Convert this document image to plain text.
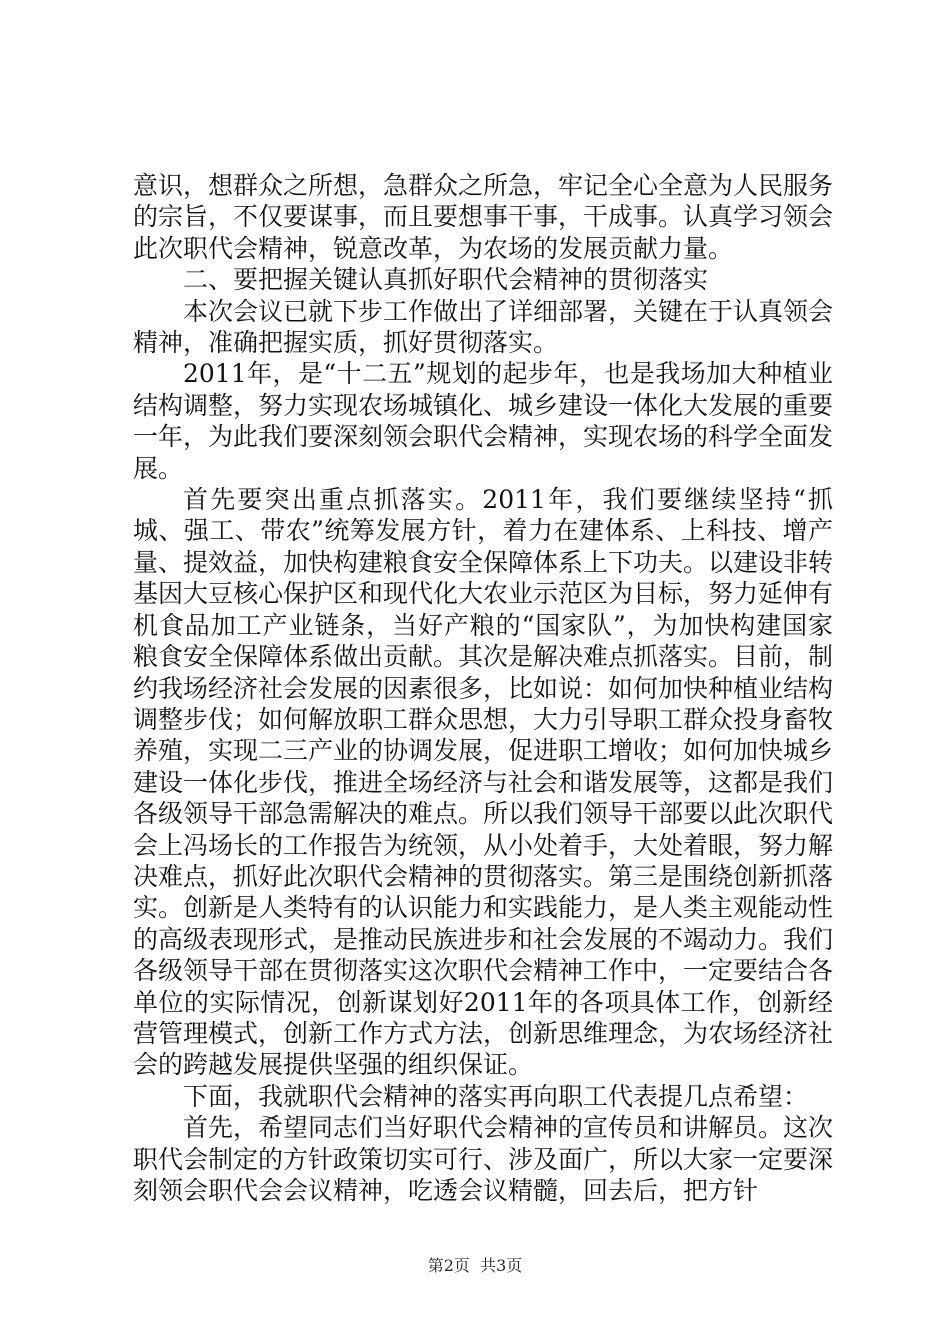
意识，想群众之所想，急群众之所急，牢记全心全意为人民服务的宗旨，不仅要谋事，而且要想事干事，干成事。认真学习领会此次职代会精神，锐意改革，为农场的发展贡献力量。

二、要把握关键认真抓好职代会精神的贯彻落实

本次会议已就下步工作做出了详细部署，关键在于认真领会精神，准确把握实质，抓好贯彻落实。

2011年，是“十二五”规划的起步年，也是我场加大种植业结构调整，努力实现农场城镇化、城乡建设一体化大发展的重要一年，为此我们要深刻领会职代会精神，实现农场的科学全面发展。

首先要突出重点抓落实。2011年，我们要继续坚持“抓城、强工、带农”统筹发展方针，着力在建体系、上科技、增产量、提效益，加快构建粮食安全保障体系上下功夫。以建设非转基因大豆核心保护区和现代化大农业示范区为目标，努力延伸有机食品加工产业链条，当好产粮的“国家队”，为加快构建国家粮食安全保障体系做出贡献。其次是解决难点抓落实。目前，制约我场经济社会发展的因素很多，比如说：如何加快种植业结构调整步伐；如何解放职工群众思想，大力引导职工群众投身畜牧养殖，实现二三产业的协调发展，促进职工增收；如何加快城乡建设一体化步伐，推进全场经济与社会和谐发展等，这都是我们各级领导干部急需解决的难点。所以我们领导干部要以此次职代会上冯场长的工作报告为统领，从小处着手，大处着眼，努力解决难点，抓好此次职代会精神的贯彻落实。第三是围绕创新抓落实。创新是人类特有的认识能力和实践能力，是人类主观能动性的高级表现形式，是推动民族进步和社会发展的不竭动力。我们各级领导干部在贯彻落实这次职代会精神工作中，一定要结合各单位的实际情况，创新谋划好2011年的各项具体工作，创新经营管理模式，创新工作方式方法，创新思维理念，为农场经济社会的跨越发展提供坚强的组织保证。

下面，我就职代会精神的落实再向职工代表提几点希望：

首先，希望同志们当好职代会精神的宣传员和讲解员。这次职代会制定的方针政策切实可行、涉及面广，所以大家一定要深刻领会职代会会议精神，吃透会议精髓，回去后，把方针

第2页  共3页
